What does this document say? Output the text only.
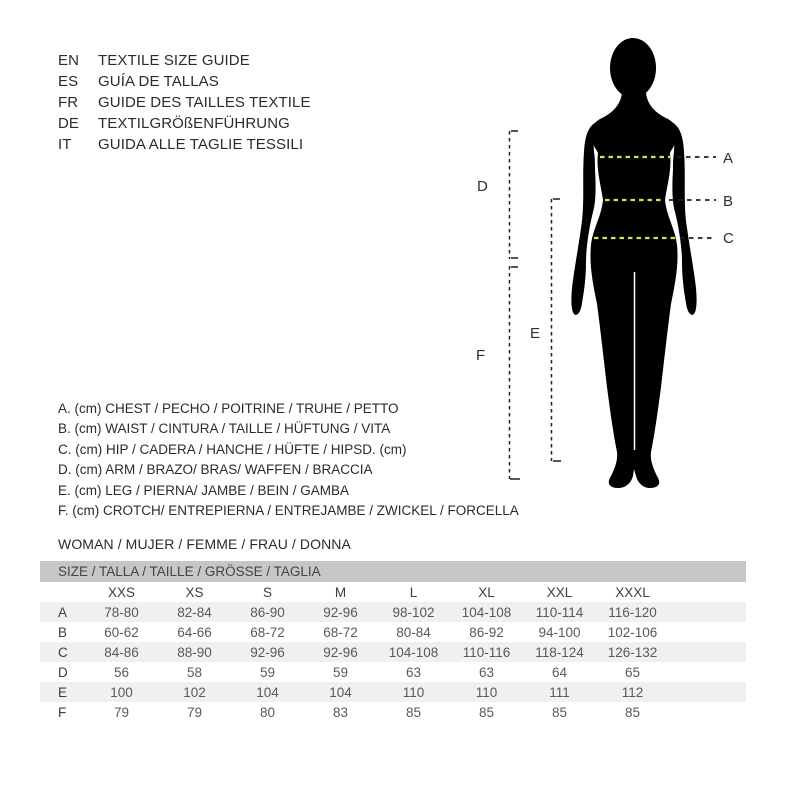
EN	TEXTILE SIZE GUIDE
ES	GUÍA DE TALLAS
FR	GUIDE DES TAILLES TEXTILE
DE	TEXTILGRÖßENFÜHRUNG
IT	GUIDA ALLE TAGLIE TESSILI
A
B
C
D
E
F
A. (cm) CHEST / PECHO / POITRINE / TRUHE / PETTO
B. (cm) WAIST / CINTURA / TAILLE / HÜFTUNG / VITA
C. (cm) HIP / CADERA / HANCHE / HÜFTE / HIPSD. (cm)
D. (cm) ARM / BRAZO/ BRAS/ WAFFEN / BRACCIA
E. (cm) LEG / PIERNA/ JAMBE / BEIN / GAMBA
F. (cm) CROTCH/ ENTREPIERNA / ENTREJAMBE / ZWICKEL / FORCELLA
WOMAN / MUJER / FEMME / FRAU / DONNA
SIZE / TALLA / TAILLE / GRÖSSE / TAGLIA
	XXS	XS	S	M	L	XL	XXL	XXXL	
A	78-80	82-84	86-90	92-96	98-102	104-108	110-114	116-120	
B	60-62	64-66	68-72	68-72	80-84	86-92	94-100	102-106	
C	84-86	88-90	92-96	92-96	104-108	110-116	118-124	126-132	
D	56	58	59	59	63	63	64	65	
E	100	102	104	104	110	110	111	112	
F	79	79	80	83	85	85	85	85	
